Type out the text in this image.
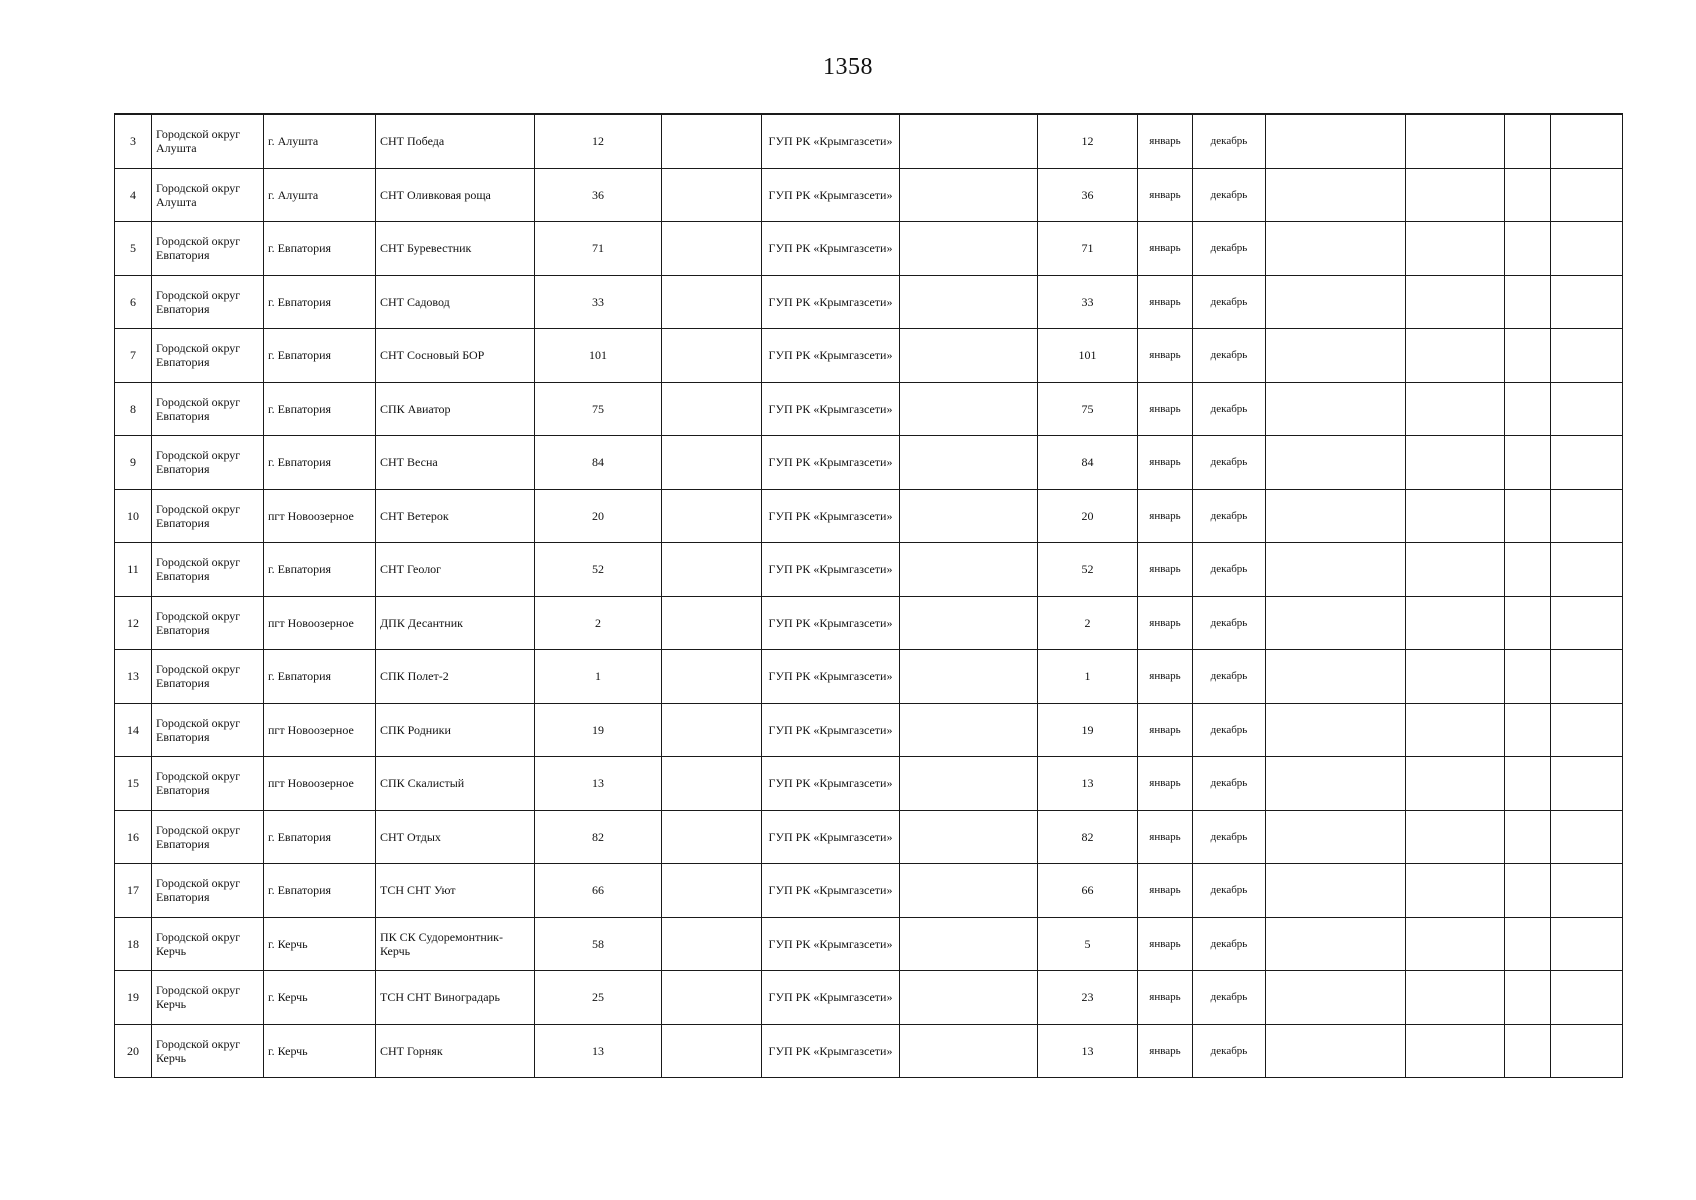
1358
3	Городской округ Алушта	г. Алушта	СНТ Победа	12		ГУП РК «Крымгазсети»		12	январь	декабрь				
4	Городской округ Алушта	г. Алушта	СНТ Оливковая роща	36		ГУП РК «Крымгазсети»		36	январь	декабрь				
5	Городской округ Евпатория	г. Евпатория	СНТ Буревестник	71		ГУП РК «Крымгазсети»		71	январь	декабрь				
6	Городской округ Евпатория	г. Евпатория	СНТ Садовод	33		ГУП РК «Крымгазсети»		33	январь	декабрь				
7	Городской округ Евпатория	г. Евпатория	СНТ Сосновый БОР	101		ГУП РК «Крымгазсети»		101	январь	декабрь				
8	Городской округ Евпатория	г. Евпатория	СПК Авиатор	75		ГУП РК «Крымгазсети»		75	январь	декабрь				
9	Городской округ Евпатория	г. Евпатория	СНТ Весна	84		ГУП РК «Крымгазсети»		84	январь	декабрь				
10	Городской округ Евпатория	пгт Новоозерное	СНТ Ветерок	20		ГУП РК «Крымгазсети»		20	январь	декабрь				
11	Городской округ Евпатория	г. Евпатория	СНТ Геолог	52		ГУП РК «Крымгазсети»		52	январь	декабрь				
12	Городской округ Евпатория	пгт Новоозерное	ДПК Десантник	2		ГУП РК «Крымгазсети»		2	январь	декабрь				
13	Городской округ Евпатория	г. Евпатория	СПК Полет-2	1		ГУП РК «Крымгазсети»		1	январь	декабрь				
14	Городской округ Евпатория	пгт Новоозерное	СПК Родники	19		ГУП РК «Крымгазсети»		19	январь	декабрь				
15	Городской округ Евпатория	пгт Новоозерное	СПК Скалистый	13		ГУП РК «Крымгазсети»		13	январь	декабрь				
16	Городской округ Евпатория	г. Евпатория	СНТ Отдых	82		ГУП РК «Крымгазсети»		82	январь	декабрь				
17	Городской округ Евпатория	г. Евпатория	ТСН СНТ Уют	66		ГУП РК «Крымгазсети»		66	январь	декабрь				
18	Городской округ Керчь	г. Керчь	ПК СК Судоремонтник-Керчь	58		ГУП РК «Крымгазсети»		5	январь	декабрь				
19	Городской округ Керчь	г. Керчь	ТСН СНТ Виноградарь	25		ГУП РК «Крымгазсети»		23	январь	декабрь				
20	Городской округ Керчь	г. Керчь	СНТ Горняк	13		ГУП РК «Крымгазсети»		13	январь	декабрь				
